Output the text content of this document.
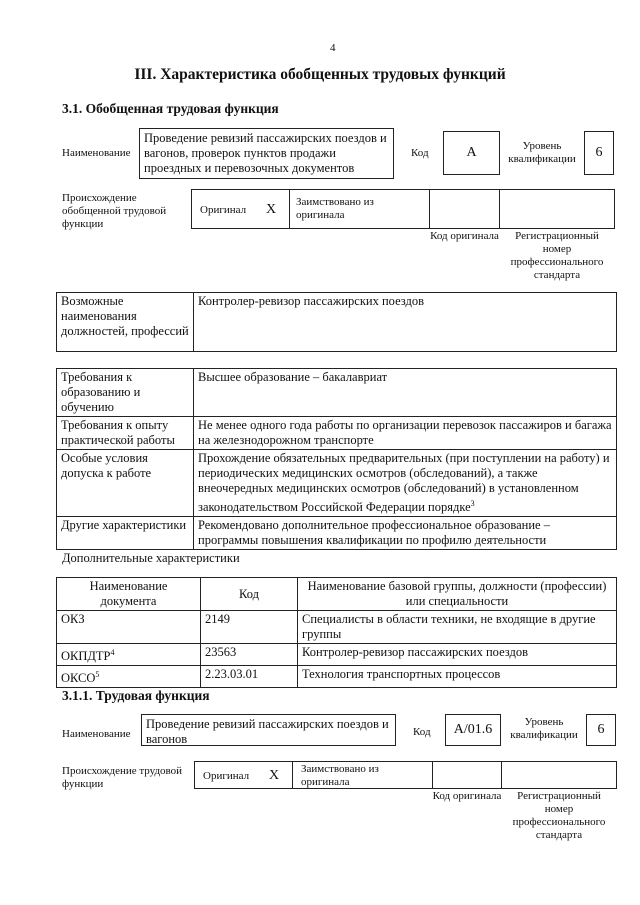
4
III. Характеристика обобщенных трудовых функций
3.1. Обобщенная трудовая функция
Наименование
Проведение ревизий пассажирских поездов и вагонов, проверок пунктов продажи проездных и перевозочных документов
Код	А	Уровень квалификации	6
Происхождение обобщенной трудовой функции
Оригинал Х	Заимствовано из оригинала
Код оригинала	Регистрационный номер профессионального стандарта
Возможные наименования должностей, профессий	Контролер-ревизор пассажирских поездов
Требования к образованию и обучению	Высшее образование – бакалавриат
Требования к опыту практической работы	Не менее одного года работы по организации перевозок пассажиров и багажа на железнодорожном транспорте
Особые условия допуска к работе	Прохождение обязательных предварительных (при поступлении на работу) и периодических медицинских осмотров (обследований), а также внеочередных медицинских осмотров (обследований) в установленном законодательством Российской Федерации порядке$^3$
Другие характеристики	Рекомендовано дополнительное профессиональное образование – программы повышения квалификации по профилю деятельности
Дополнительные характеристики
Наименование документа	Код	Наименование базовой группы, должности (профессии) или специальности
ОКЗ	2149	Специалисты в области техники, не входящие в другие группы
ОКПДТР$^4$	23563	Контролер-ревизор пассажирских поездов
ОКСО$^5$	2.23.03.01	Технология транспортных процессов
3.1.1. Трудовая функция
Наименование
Проведение ревизий пассажирских поездов и вагонов	Код	А/01.6	Уровень квалификации	6
Происхождение трудовой функции
Оригинал Х	Заимствовано из оригинала
Код оригинала	Регистрационный номер профессионального стандарта
